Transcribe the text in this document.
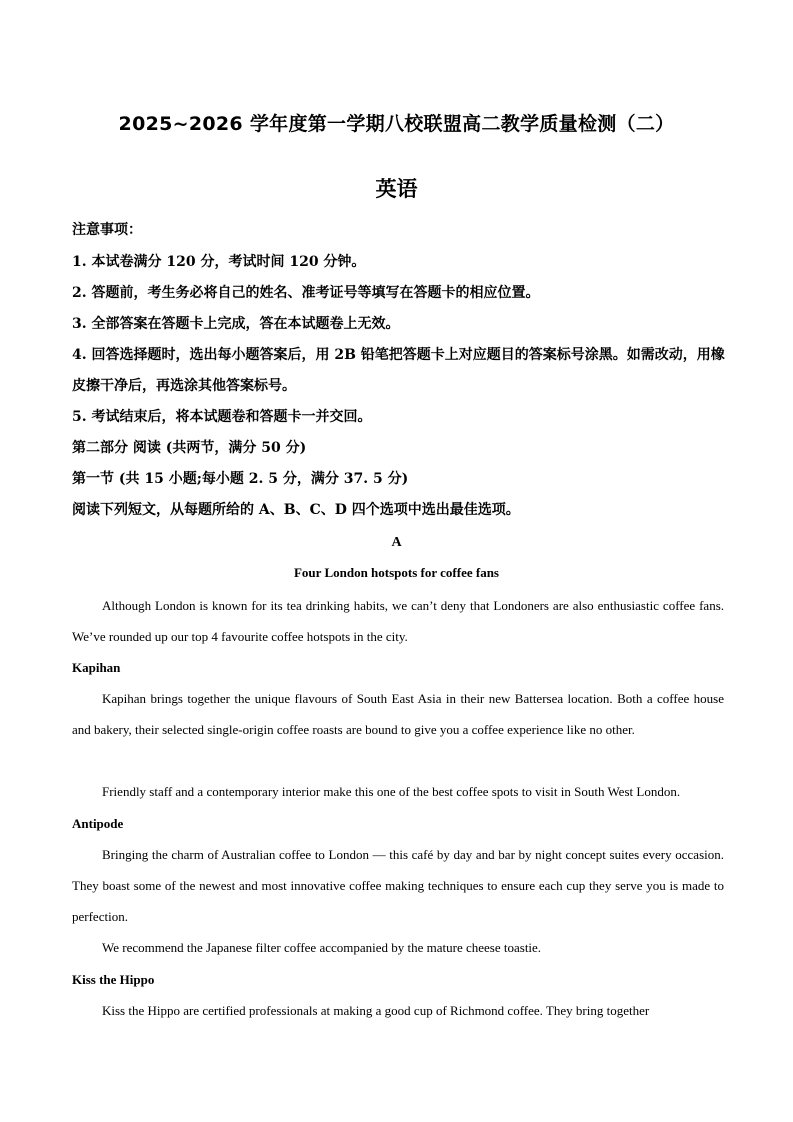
2025~2026 学年度第一学期八校联盟高二教学质量检测（二）
英语
注意事项：
1. 本试卷满分 120 分，考试时间 120 分钟。
2. 答题前，考生务必将自己的姓名、准考证号等填写在答题卡的相应位置。
3. 全部答案在答题卡上完成，答在本试题卷上无效。
4. 回答选择题时，选出每小题答案后，用 2B 铅笔把答题卡上对应题目的答案标号涂黑。如需改动，用橡皮擦干净后，再选涂其他答案标号。
5. 考试结束后，将本试题卷和答题卡一并交回。
第二部分 阅读 (共两节，满分 50 分)
第一节 (共 15 小题;每小题 2. 5 分，满分 37. 5 分)
阅读下列短文，从每题所给的 A、B、C、D 四个选项中选出最佳选项。
A
Four London hotspots for coffee fans
Although London is known for its tea drinking habits, we can’t deny that Londoners are also enthusiastic coffee fans. We’ve rounded up our top 4 favourite coffee hotspots in the city.
Kapihan
Kapihan brings together the unique flavours of South East Asia in their new Battersea location. Both a coffee house and bakery, their selected single-origin coffee roasts are bound to give you a coffee experience like no other.
Friendly staff and a contemporary interior make this one of the best coffee spots to visit in South West London.
Antipode
Bringing the charm of Australian coffee to London — this café by day and bar by night concept suites every occasion. They boast some of the newest and most innovative coffee making techniques to ensure each cup they serve you is made to perfection.
We recommend the Japanese filter coffee accompanied by the mature cheese toastie.
Kiss the Hippo
Kiss the Hippo are certified professionals at making a good cup of Richmond coffee. They bring together
